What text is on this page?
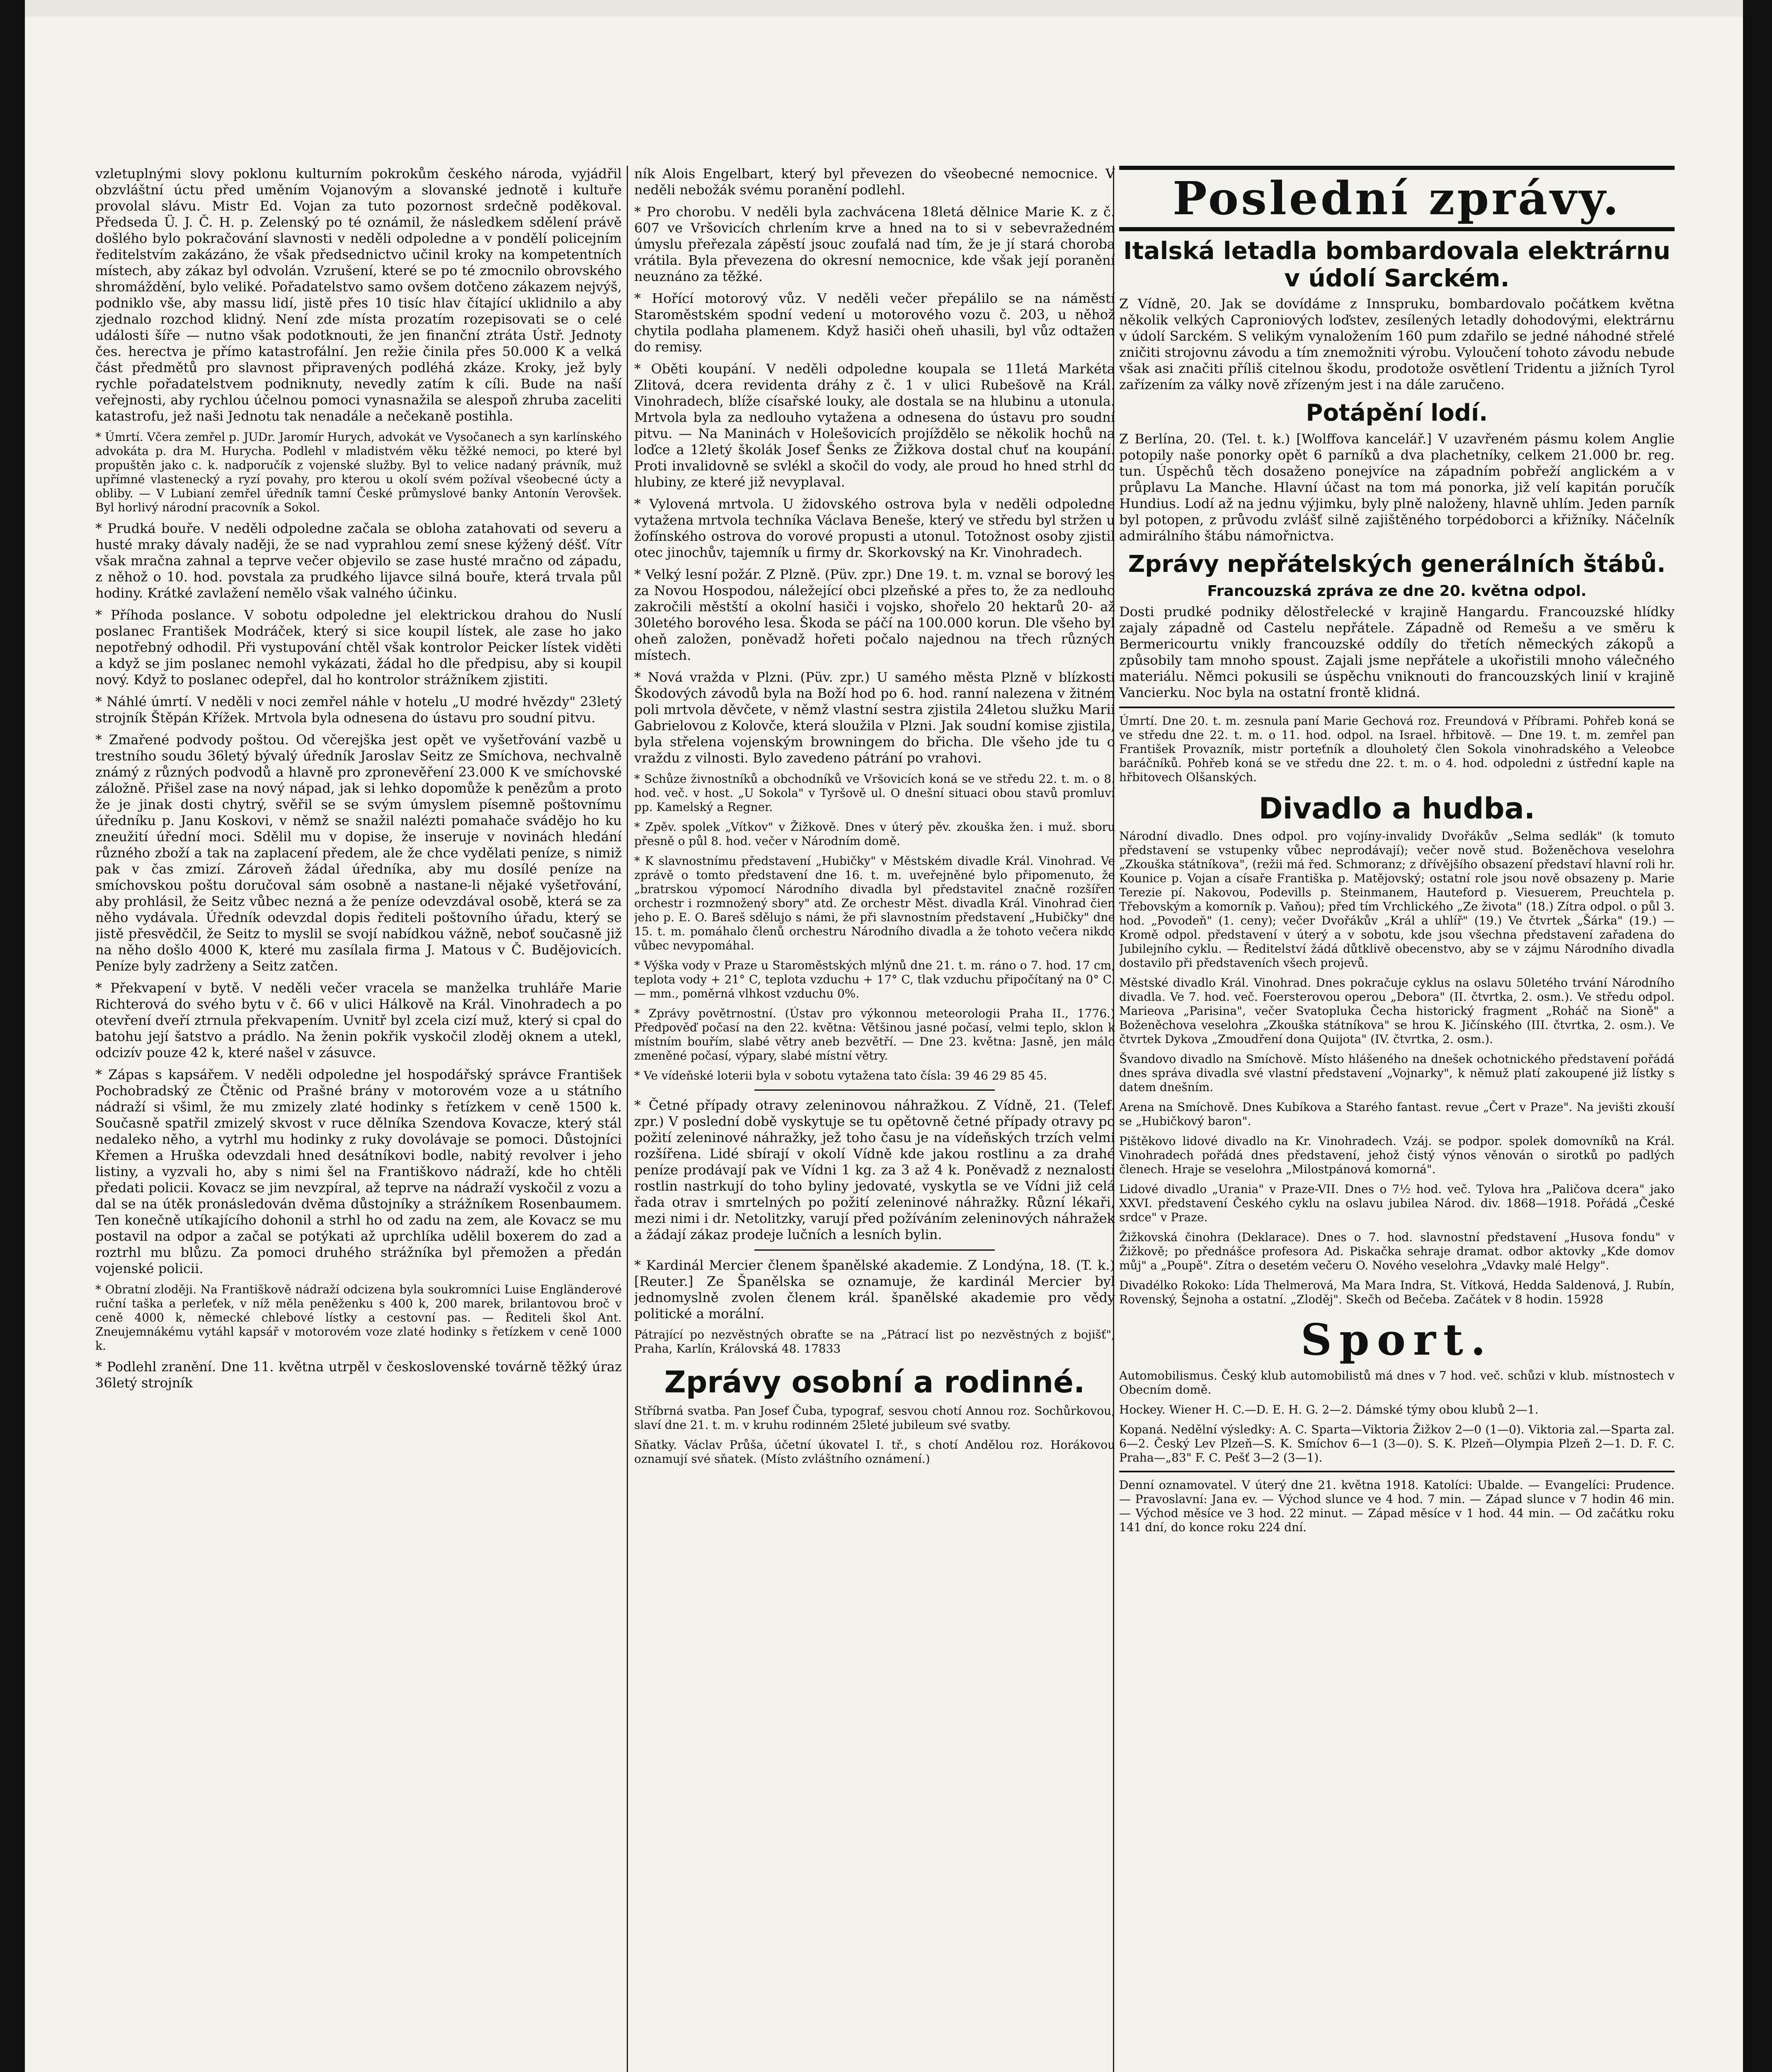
vzletuplnými slovy poklonu kulturním pokrokům českého národa, vyjádřil obzvláštní úctu před uměním Vojanovým a slovanské jednotě i kultuře provolal slávu. Mistr Ed. Vojan za tuto pozornost srdečně poděkoval. Předseda Ü. J. Č. H. p. Zelenský po té oznámil, že následkem sdělení právě došlého bylo pokračování slavnosti v neděli odpoledne a v pondělí policejním ředitelstvím zakázáno, že však předsednictvo učinil kroky na kompetentních místech, aby zákaz byl odvolán. Vzrušení, které se po té zmocnilo obrovského shromáždění, bylo veliké. Pořadatelstvo samo ovšem dotčeno zákazem nejvýš, podniklo vše, aby massu lidí, jistě přes 10 tisíc hlav čítající uklidnilo a aby zjednalo rozchod klidný. Není zde místa prozatím rozepisovati se o celé události šíře — nutno však podotknouti, že jen finanční ztráta Ústř. Jednoty čes. herectva je přímo katastrofální. Jen režie činila přes 50.000 K a velká část předmětů pro slavnost připravených podléhá zkáze. Kroky, jež byly rychle pořadatelstvem podniknuty, nevedly zatím k cíli. Bude na naší veřejnosti, aby rychlou účelnou pomoci vynasnažila se alespoň zhruba zaceliti katastrofu, jež naši Jednotu tak nenadále a nečekaně postihla.

* Úmrtí. Včera zemřel p. JUDr. Jaromír Hurych, advokát ve Vysočanech a syn karlínského advokáta p. dra M. Hurycha. Podlehl v mladistvém věku těžké nemoci, po které byl propuštěn jako c. k. nadporučík z vojenské služby. Byl to velice nadaný právník, muž upřímné vlastenecký a ryzí povahy, pro kterou u okolí svém požíval všeobecné úcty a obliby. — V Lubianí zemřel úředník tamní České průmyslové banky Antonín Verovšek. Byl horlivý národní pracovník a Sokol.

* Prudká bouře. V neděli odpoledne začala se obloha zatahovati od severu a husté mraky dávaly naději, že se nad vyprahlou zemí snese kýžený déšť. Vítr však mračna zahnal a teprve večer objevilo se zase husté mračno od západu, z něhož o 10. hod. povstala za prudkého lijavce silná bouře, která trvala půl hodiny. Krátké zavlažení nemělo však valného účinku.

* Příhoda poslance. V sobotu odpoledne jel elektrickou drahou do Nuslí poslanec František Modráček, který si sice koupil lístek, ale zase ho jako nepotřebný odhodil. Při vystupování chtěl však kontrolor Peicker lístek viděti a když se jim poslanec nemohl vykázati, žádal ho dle předpisu, aby si koupil nový. Když to poslanec odepřel, dal ho kontrolor strážníkem zjistiti.

* Náhlé úmrtí. V neděli v noci zemřel náhle v hotelu „U modré hvězdy" 23letý strojník Štěpán Křížek. Mrtvola byla odnesena do ústavu pro soudní pitvu.

* Zmařené podvody poštou. Od včerejška jest opět ve vyšetřování vazbě u trestního soudu 36letý bývalý úředník Jaroslav Seitz ze Smíchova, nechvalně známý z různých podvodů a hlavně pro zpronevěření 23.000 K ve smíchovské záložně. Přišel zase na nový nápad, jak si lehko dopomůže k penězům a proto že je jinak dosti chytrý, svěřil se se svým úmyslem písemně poštovnímu úředníku p. Janu Koskovi, v němž se snažil nalézti pomahače svádějo ho ku zneužití úřední moci. Sdělil mu v dopise, že inseruje v novinách hledání různého zboží a tak na zaplacení předem, ale že chce vydělati peníze, s nimiž pak v čas zmizí. Zároveň žádal úředníka, aby mu dosílé peníze na smíchovskou poštu doručoval sám osobně a nastane-li nějaké vyšetřování, aby prohlásil, že Seitz vůbec nezná a že peníze odevzdával osobě, která se za něho vydávala. Úředník odevzdal dopis řediteli poštovního úřadu, který se jistě přesvědčil, že Seitz to myslil se svojí nabídkou vážně, neboť současně již na něho došlo 4000 K, které mu zasílala firma J. Matous v Č. Budějovicích. Peníze byly zadrženy a Seitz zatčen.

* Překvapení v bytě. V neděli večer vracela se manželka truhláře Marie Richterová do svého bytu v č. 66 v ulici Hálkově na Král. Vinohradech a po otevření dveří ztrnula překvapením. Uvnitř byl zcela cizí muž, který si cpal do batohu její šatstvo a prádlo. Na ženin pokřik vyskočil zloděj oknem a utekl, odcizív pouze 42 k, které našel v zásuvce.

* Zápas s kapsářem. V neděli odpoledne jel hospodářský správce František Pochobradský ze Čtěnic od Prašné brány v motorovém voze a u státního nádraží si všiml, že mu zmizely zlaté hodinky s řetízkem v ceně 1500 k. Současně spatřil zmizelý skvost v ruce dělníka Szendova Kovacze, který stál nedaleko něho, a vytrhl mu hodinky z ruky dovolávaje se pomoci. Důstojníci Křemen a Hruška odevzdali hned desátníkovi bodle, nabitý revolver i jeho listiny, a vyzvali ho, aby s nimi šel na Františkovo nádraží, kde ho chtěli předati policii. Kovacz se jim nevzpíral, až teprve na nádraží vyskočil z vozu a dal se na útěk pronásledován dvěma důstojníky a strážníkem Rosenbaumem. Ten konečně utíkajícího dohonil a strhl ho od zadu na zem, ale Kovacz se mu postavil na odpor a začal se potýkati až uprchlíka udělil boxerem do zad a roztrhl mu blůzu. Za pomoci druhého strážníka byl přemožen a předán vojenské policii.

* Obratní zloději. Na Františkově nádraží odcizena byla soukromníci Luise Engländerové ruční taška a perleťek, v níž měla peněženku s 400 k, 200 marek, brilantovou broč v ceně 4000 k, německé chlebové lístky a cestovní pas. — Řediteli škol Ant. Zneujemnákému vytáhl kapsář v motorovém voze zlaté hodinky s řetízkem v ceně 1000 k.

* Podlehl zranění. Dne 11. května utrpěl v československé továrně těžký úraz 36letý strojník

ník Alois Engelbart, který byl převezen do všeobecné nemocnice. V neděli nebožák svému poranění podlehl.

* Pro chorobu. V neděli byla zachvácena 18letá dělnice Marie K. z č. 607 ve Vršovicích chrlením krve a hned na to si v sebevražedném úmyslu přeřezala zápěstí jsouc zoufalá nad tím, že je jí stará choroba vrátila. Byla převezena do okresní nemocnice, kde však její poranění neuznáno za těžké.

* Hořící motorový vůz. V neděli večer přepálilo se na náměstí Staroměstském spodní vedení u motorového vozu č. 203, u něhož chytila podlaha plamenem. Když hasiči oheň uhasili, byl vůz odtažen do remisy.

* Oběti koupání. V neděli odpoledne koupala se 11letá Markéta Zlitová, dcera revidenta dráhy z č. 1 v ulici Rubešově na Král. Vinohradech, blíže císařské louky, ale dostala se na hlubinu a utonula. Mrtvola byla za nedlouho vytažena a odnesena do ústavu pro soudní pitvu. — Na Maninách v Holešovicích projíždělo se několik hochů na loďce a 12letý školák Josef Šenks ze Žižkova dostal chuť na koupání. Proti invalidovně se svlékl a skočil do vody, ale proud ho hned strhl do hlubiny, ze které již nevyplaval.

* Vylovená mrtvola. U židovského ostrova byla v neděli odpoledne vytažena mrtvola techníka Václava Beneše, který ve středu byl stržen u žofínského ostrova do vorové propusti a utonul. Totožnost osoby zjistil otec jinochův, tajemník u firmy dr. Skorkovský na Kr. Vinohradech.

* Velký lesní požár. Z Plzně. (Püv. zpr.) Dne 19. t. m. vznal se borový les za Novou Hospodou, náležející obci plzeňské a přes to, že za nedlouho zakročili městští a okolní hasiči i vojsko, shořelo 20 hektarů 20- až 30letého borového lesa. Škoda se páčí na 100.000 korun. Dle všeho byl oheň založen, poněvadž hořeti počalo najednou na třech různých místech.

* Nová vražda v Plzni. (Püv. zpr.) U samého města Plzně v blízkosti Škodových závodů byla na Boží hod po 6. hod. ranní nalezena v žitném poli mrtvola děvčete, v němž vlastní sestra zjistila 24letou služku Marii Gabrielovou z Kolovče, která sloužila v Plzni. Jak soudní komise zjistila, byla střelena vojenským browningem do břicha. Dle všeho jde tu o vraždu z vilnosti. Bylo zavedeno pátrání po vrahovi.

* Schůze živnostníků a obchodníků ve Vršovicích koná se ve středu 22. t. m. o 8. hod. več. v host. „U Sokola" v Tyršově ul. O dnešní situaci obou stavů promluví pp. Kamelský a Regner.

* Zpěv. spolek „Vítkov" v Žižkově. Dnes v úterý pěv. zkouška žen. i muž. sboru přesně o půl 8. hod. večer v Národním domě.

* K slavnostnímu představení „Hubičky" v Městském divadle Král. Vinohrad. Ve zprávě o tomto představení dne 16. t. m. uveřejněné bylo připomenuto, že „bratrskou výpomocí Národního divadla byl představitel značně rozšířen orchestr i rozmnožený sbory" atd. Ze orchestr Měst. divadla Král. Vinohrad čien jeho p. E. O. Bareš sdělujo s námi, že při slavnostním představení „Hubičky" dne 15. t. m. pomáhalo členů orchestru Národního divadla a že tohoto večera nikdo vůbec nevypomáhal.

* Výška vody v Praze u Staroměstských mlýnů dne 21. t. m. ráno o 7. hod. 17 cm, teplota vody + 21° C, teplota vzduchu + 17° C, tlak vzduchu připočítaný na 0° C. — mm., poměrná vlhkost vzduchu 0%.

* Zprávy povětrnostní. (Ústav pro výkonnou meteorologii Praha II., 1776.) Předpověď počasí na den 22. května: Většinou jasné počasí, velmi teplo, sklon k místním bouřím, slabé větry aneb bezvětří. — Dne 23. května: Jasně, jen málo zmeněné počasí, výpary, slabé místní větry.

* Ve vídeňské loterii byla v sobotu vytažena tato čísla: 39 46 29 85 45.

* Četné případy otravy zeleninovou náhražkou. Z Vídně, 21. (Telef. zpr.) V poslední době vyskytuje se tu opětovně četné případy otravy po požití zeleninové náhražky, jež toho času je na vídeňských trzích velmi rozšířena. Lidé sbírají v okolí Vídně kde jakou rostlinu a za drahé peníze prodávají pak ve Vídni 1 kg. za 3 až 4 k. Poněvadž z neznalosti rostlin nastrkují do toho byliny jedovaté, vyskytla se ve Vídni již celá řada otrav i smrtelných po požití zeleninové náhražky. Různí lékaři, mezi nimi i dr. Netolitzky, varují před požíváním zeleninových náhražek a žádají zákaz prodeje lučních a lesních bylin.

* Kardinál Mercier členem španělské akademie. Z Londýna, 18. (T. k.) [Reuter.] Ze Španělska se oznamuje, že kardinál Mercier byl jednomyslně zvolen členem král. španělské akademie pro vědy politické a morální.

Pátrající po nezvěstných obraťte se na „Pátrací list po nezvěstných z bojišť", Praha, Karlín, Královská 48. 17833

Zprávy osobní a rodinné.

Stříbrná svatba. Pan Josef Čuba, typograf, sesvou chotí Annou roz. Sochůrkovou, slaví dne 21. t. m. v kruhu rodinném 25leté jubileum své svatby.

Sňatky. Václav Průša, účetní úkovatel I. tř., s chotí Andělou roz. Horákovou oznamují své sňatek. (Místo zvláštního oznámení.)

Poslední zprávy.
Italská letadla bombardovala elektrárnu v údolí Sarckém.

Z Vídně, 20. Jak se dovídáme z Innspruku, bombardovalo počátkem května několik velkých Caproniových loďstev, zesílených letadly dohodovými, elektrárnu v údolí Sarckém. S velikým vynaložením 160 pum zdařilo se jedné náhodné střelé zničiti strojovnu závodu a tím znemožniti výrobu. Vyloučení tohoto závodu nebude však asi značiti příliš citelnou škodu, prodotože osvětlení Tridentu a jižních Tyrol zařízením za války nově zřízeným jest i na dále zaručeno.

Potápění lodí.

Z Berlína, 20. (Tel. t. k.) [Wolffova kancelář.] V uzavřeném pásmu kolem Anglie potopily naše ponorky opět 6 parníků a dva plachetníky, celkem 21.000 br. reg. tun. Úspěchů těch dosaženo ponejvíce na západním pobřeží anglickém a v průplavu La Manche. Hlavní účast na tom má ponorka, již velí kapitán poručík Hundius. Lodí až na jednu výjimku, byly plně naloženy, hlavně uhlím. Jeden parník byl potopen, z průvodu zvlášť silně zajištěného torpédoborci a křižníky. Náčelník admirálního štábu námořnictva.

Zprávy nepřátelských generálních štábů.
Francouzská zpráva ze dne 20. května odpol.

Dosti prudké podniky dělostřelecké v krajině Hangardu. Francouzské hlídky zajaly západně od Castelu nepřátele. Západně od Remešu a ve směru k Bermericourtu vnikly francouzské oddíly do třetích německých zákopů a způsobily tam mnoho spoust. Zajali jsme nepřátele a ukořistili mnoho válečného materiálu. Němci pokusili se úspěchu vniknouti do francouzských linií v krajině Vancierku. Noc byla na ostatní frontě klidná.

Úmrtí. Dne 20. t. m. zesnula paní Marie Gechová roz. Freundová v Příbrami. Pohřeb koná se ve středu dne 22. t. m. o 11. hod. odpol. na Israel. hřbitově. — Dne 19. t. m. zemřel pan František Provazník, mistr porteťník a dlouholetý člen Sokola vinohradského a Veleobce baráčníků. Pohřeb koná se ve středu dne 22. t. m. o 4. hod. odpoledni z ústřední kaple na hřbitovech Olšanských.

Divadlo a hudba.

Národní divadlo. Dnes odpol. pro vojíny-invalidy Dvořákův „Selma sedlák" (k tomuto představení se vstupenky vůbec neprodávají); večer nově stud. Boženěchova veselohra „Zkouška státníkova", (režii má řed. Schmoranz; z dřívějšího obsazení představí hlavní roli hr. Kounice p. Vojan a císaře Františka p. Matějovský; ostatní role jsou nově obsazeny p. Marie Terezie pí. Nakovou, Podevills p. Steinmanem, Hauteford p. Viesuerem, Preuchtela p. Třebovským a komorník p. Vaňou); před tím Vrchlického „Ze života" (18.) Zítra odpol. o půl 3. hod. „Povodeň" (1. ceny); večer Dvořákův „Král a uhlíř" (19.) Ve čtvrtek „Šárka" (19.) — Kromě odpol. představení v úterý a v sobotu, kde jsou všechna představení zařadena do Jubilejního cyklu. — Ředitelství žádá důtklivě obecenstvo, aby se v zájmu Národního divadla dostavilo při představeních všech projevů.

Městské divadlo Král. Vinohrad. Dnes pokračuje cyklus na oslavu 50letého trvání Národního divadla. Ve 7. hod. več. Foersterovou operou „Debora" (II. čtvrtka, 2. osm.). Ve středu odpol. Marieova „Parisina", večer Svatopluka Čecha historický fragment „Roháč na Sioně" a Boženěchova veselohra „Zkouška státníkova" se hrou K. Jičínského (III. čtvrtka, 2. osm.). Ve čtvrtek Dykova „Zmoudření dona Quijota" (IV. čtvrtka, 2. osm.).

Švandovo divadlo na Smíchově. Místo hlášeného na dnešek ochotnického představení pořádá dnes správa divadla své vlastní představení „Vojnarky", k němuž platí zakoupené již lístky s datem dnešním.

Arena na Smíchově. Dnes Kubíkova a Starého fantast. revue „Čert v Praze". Na jevišti zkouší se „Hubičkový baron".

Pištěkovo lidové divadlo na Kr. Vinohradech. Vzáj. se podpor. spolek domovníků na Král. Vinohradech pořádá dnes představení, jehož čistý výnos věnován o sirotků po padlých členech. Hraje se veselohra „Milostpánová komorná".

Lidové divadlo „Urania" v Praze-VII. Dnes o 7½ hod. več. Tylova hra „Paličova dcera" jako XXVI. představení Českého cyklu na oslavu jubilea Národ. div. 1868—1918. Pořádá „České srdce" v Praze.

Žižkovská činohra (Deklarace). Dnes o 7. hod. slavnostní představení „Husova fondu" v Žižkově; po přednášce profesora Ad. Piskačka sehraje dramat. odbor aktovky „Kde domov můj" a „Poupě". Zítra o desetém večeru O. Nového veselohra „Vdavky malé Helgy".

Divadélko Rokoko: Lída Thelmerová, Ma Mara Indra, St. Vítková, Hedda Saldenová, J. Rubín, Rovenský, Šejnoha a ostatní. „Zloděj". Skečh od Bečeba. Začátek v 8 hodin. 15928

Sport.

Automobilismus. Český klub automobilistů má dnes v 7 hod. več. schůzi v klub. místnostech v Obecním domě.

Hockey. Wiener H. C.—D. E. H. G. 2—2. Dámské týmy obou klubů 2—1.

Kopaná. Nedělní výsledky: A. C. Sparta—Viktoria Žižkov 2—0 (1—0). Viktoria zal.—Sparta zal. 6—2. Český Lev Plzeň—S. K. Smíchov 6—1 (3—0). S. K. Plzeň—Olympia Plzeň 2—1. D. F. C. Praha—„83" F. C. Pešť 3—2 (3—1).

Denní oznamovatel. V úterý dne 21. května 1918. Katolíci: Ubalde. — Evangelíci: Prudence. — Pravoslavní: Jana ev. — Východ slunce ve 4 hod. 7 min. — Západ slunce v 7 hodin 46 min. — Východ měsíce ve 3 hod. 22 minut. — Západ měsíce v 1 hod. 44 min. — Od začátku roku 141 dní, do konce roku 224 dní.
